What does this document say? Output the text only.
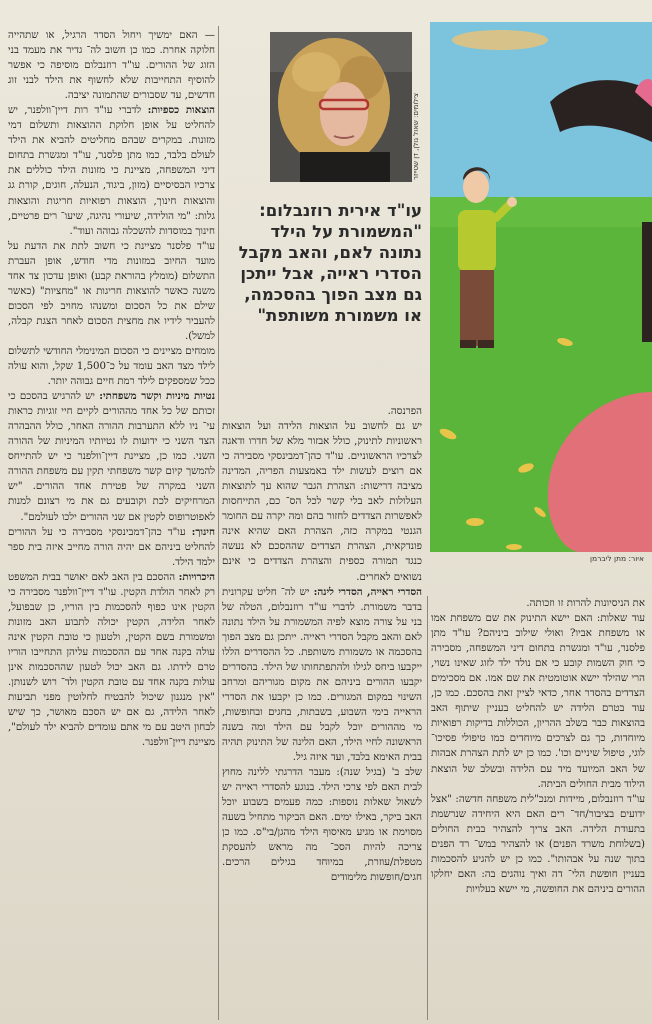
איור: מתן ליברמן
צילומים: שאול גולן, דן שטייזר
עו"ד אירית רוזנבלום: "המשמורת על הילד נתונה לאם, והאב מקבל הסדרי ראייה, אבל ייתכן גם מצב הפוך בהסכמה, או משמורת משותפת"

— האם ימשיך ויחול הסדר הרגיל, או שתהייה חלוקה אחרת. כמו כן חשוב לה־ גדיר את מעמד בני הזוג של ההורים. עו"ד רוזנבלום מוסיפה כי אפשר להוסיף התחייבות שלא לחשוף את הילד לבני זוג חדשים, עד שסבורים שהתמונה יציבה.

הוצאות כספיות: לדברי עו"ד רות דיין־וולפנר, יש להחליט על אופן חלוקת ההוצאות ותשלום דמי מזונות. במקרים שבהם מחליטים להביא את הילד לעולם בלבד, כמו מתן פלסנר, עו"ד ומגשרת בתחום דיני המשפחה, מציינת כי מזונות הילד כוללים את צרכיו הבסיסיים (מזון, ביגוד, הנעלה, חוגים, קורת גג והוצאות חינוך, הוצאות רפואיות חריגות והוצאות גלות: "מי הולידה, שיעורי נהיגה, שיעו־ רים פרטיים, חינוך במוסדות להשכלה גבוהה ועוד".

עו"ד פלסנר מציינת כי חשוב לתת את הדעת על מועד החיוב במזונות מדי חודש, אופן העברת התשלום (מומלץ בהוראת קבע) ואופן עדכון צד אחד משנה כאשר להוצאות חריגות או "מחציות" (כאשר שילם את כל הסכום ומשנהו מחויב לפי הסכום להעביר לידיו את מחצית הסכום לאחר הצגת קבלה, למשל).

מומחים מציינים כי הסכום המינימלי החודשי לתשלום לילד מצד האב עומד על כ־1,500 שקל, והוא עולה ככל שמספקים לילד רמת חיים גבוהה יותר.

נטיות מיניות וקשר משפחתי: יש להרגיש בהסכם כי זכותם של כל אחד מההורים לקיים חיי זוגיות כראות עי־ ניו ללא התערבות ההורה האחר, כולל ההבהרה הצד השני כי ידועות לו נטיותיו המיניות של ההורה השני. כמו כן, מציינת דיין־וולפנר כי יש להתייחס להמשך קיום קשר משפחתי תקין עם משפחת ההורה השני במקרה של פטירת אחד ההורים. "יש המרחיקים לכת וקובעים גם את מי רצונם למנות לאפוטרופוס לקטין אם שני ההורים ילכו לעולמם".

חינוך: עו"ד כהן־דמבינסקי מסבירה כי על ההורים להחליט ביניהם אם יהיה הורה מחייב איזה בית ספר ילמד הילד.

היכרויות: ההסכם בין האב לאם יאושר בבית המשפט רק לאחר הולדת הקטין. עו"ד דיין־וולפנר מסבירה כי הקטין אינו כפוף להסכמות בין הוריו, כן שבפועל, לאחר הלידה, הקטין יכולה לתבוע האב מזונות ומשמורת בשם הקטין, ולטעון כי טובת הקטין אינה עולה בקנה אחד עם ההסכמות עליהן התחייבו הוריו טרם לידתו. גם האב יכול לטעון שההסכמות אינן עולות בקנה אחד עם טובת הקטין ולד־ רוש לשנותן. "אין מנגנון שיכול להבטיח לחלוטין מפני תביעות לאחר הלידה, גם אם יש הסכם מאושר, כך שיש לבחון היטב עם מי אתם עומדים להביא ילד לעולם", מציינת דיין־וולפנר.

הפרנסה.

יש גם לחשוב על הוצאות הלידה ועל הוצאות ראשוניות לתינוק, כולל אבזור מלא של חדרו ודאגה לצרכיו הראשוניים. עו"ד כהן־דמבינסקי מסבירה כי אם רוצים לעשות ילד באמצעות הפריה, המדינה מציבה דרישות: הצהרת הגבר שהוא עך לתוצאות העלולות לאב בלי קשר לכל הס־ כם, התייחסות לאפשרות הצדדים לחזור בהם ומה יקרה עם החומר הגנטי במקרה כזה, הצהרת האם שהיא אינה פונדקאית, הצהרת הצדדים שההסכם לא נעשה כנגד תמורה כספית והצהרת הצדדים כי אינם נשואים לאחרים.

הסדרי ראייה, הסדרי לינה: יש לה־ חליט עקרונית בדבר משמורת. לדברי עו"ד רוזנבלום, הטלה של בני על צורה מוצא לפיה המשמורת על הילד נתונה לאם והאב מקבל הסדרי ראייה. ייתכן גם מצב הפוך בהסכמה או משמורת משותפת. כל ההסדרים הללו ייקבעו ביחס לגילו ולהתפתחותו של הילד. בהסדרים יקבעו ההורים ביניהם את מקום מגוריהם ומרחב השינוי במקום המגורים. כמו כן יקבעו את הסדרי הראייה בימי השבוע, בשבתות, בחגים ובחופשות, מי מההורים יוכל לקבל עם הילד ומה בשנה הראשונה לחיי הילד, האם הלינה של התינוק תהיה בבית האימא בלבד, ועד איזה גיל.

שלב ב' (בגיל שנה): מעבר הדרגתי ללינה מחוץ לבית האם לפי צרכי הילד. בנוגע להסדרי ראייה יש לשאול שאלות נוספות: כמה פעמים בשבוע יוכל האב ביקר, באילו ימים. האם הביקור מתחיל בשעה מסוימת או מגיע מאיסוף הילד מהגן/בי"ס. כמו כן צריכה להיות הסכ־ מה מראש להעסקת מטפלת/עוזרת, במיוחד בגילים הרכים. חגים/חופשות מלימודים

את הניסיונות להרות זו וזכותה.

עוד שאלות: האם יישא התינוק את שם משפחת אמו או משפחת אביו? ואולי שילוב ביניהם? עו"ד מתן פלסנר, עו"ד ומגשרת בתחום דיני המשפחה, מסבירה כי חוק השמות קובע כי אם נולד ילד לזוג שאינו נשוי, הרי שהילד יישא אוטומטית את שם אמו. אם מסכימים הצדדים בהסדר אחר, כדאי לציין זאת בהסכם. כמו כן, עוד בטרם הלידה יש להחליט בעניין שיתוף האב בהוצאות כבר בשלב ההריון, הכוללות בדיקות רפואיות מיוחדות, כך גם לצרכים מיוחדים כמו טיפולי פסיכו־ לוגי, טיפול שיניים וכו'. כמו כן יש לתת הצהרת אבהות של האב המיועד מיד עם הלידה ובשלב של הוצאת הילוד מבית החולים הביתה.

עו"ד רוזנבלום, מיידות ומנכ"לית משפחה חדשה: "אצל ידועים בציבור/חד־ רים האם היא היחידה שנרשמת בתעודת הלידה. האב צריך להצהיר בבית החולים (בשלוחת משרד הפנים) או להצהיר במש־ רד הפנים בתוך שנה על אבהותו". כמו כן יש להגיע להסכמות בעניין חופשת הלי־ דה ואיך נוהגים בה: האם יחלקו ההורים ביניהם את החופשה, מי יישא בעלויות
